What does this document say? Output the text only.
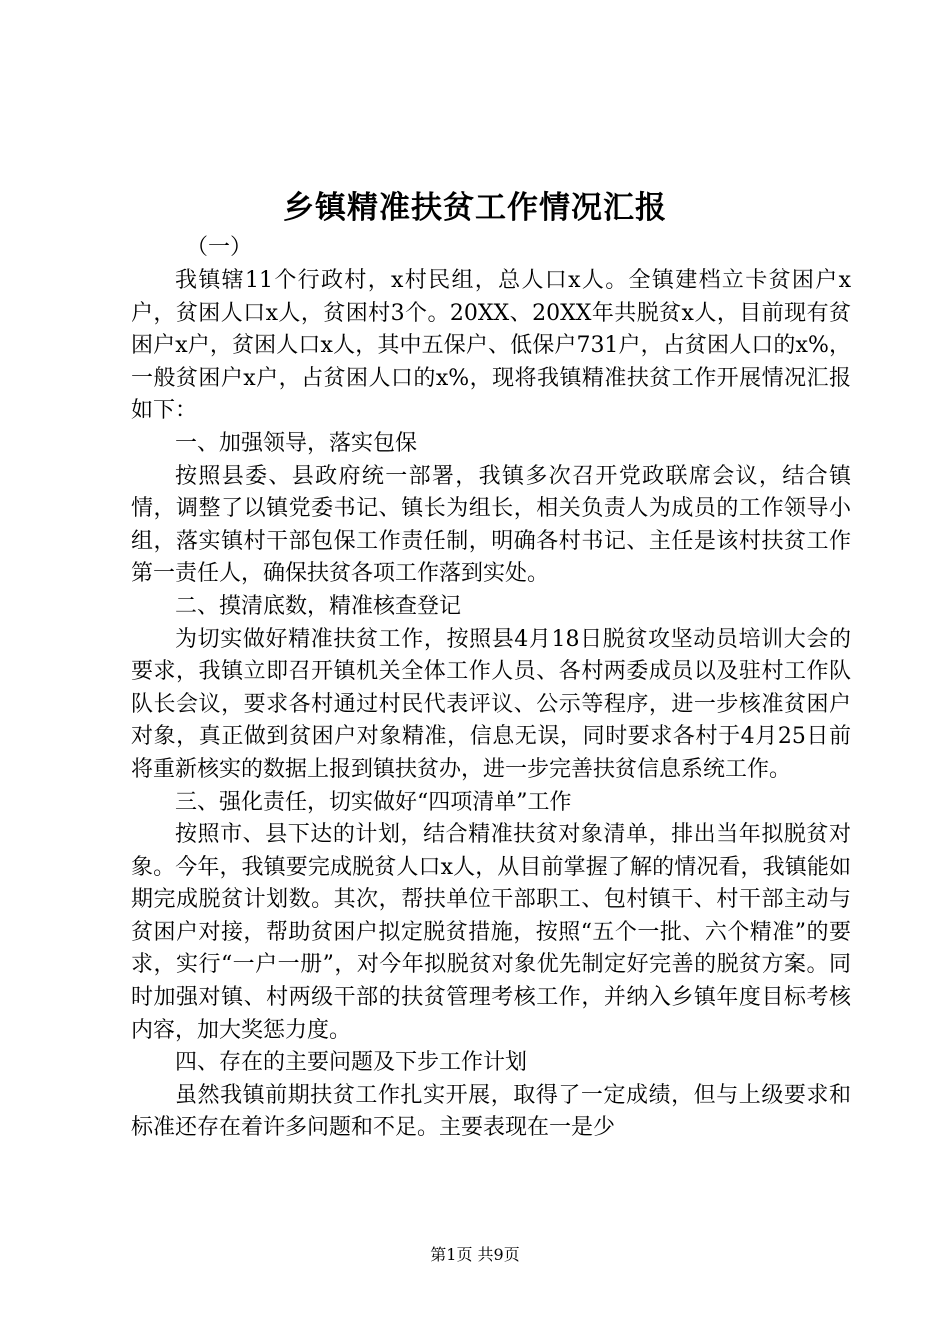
乡镇精准扶贫工作情况汇报
（一）

我镇辖11个行政村，x村民组，总人口x人。全镇建档立卡贫困户x户，贫困人口x人，贫困村3个。20XX、20XX年共脱贫x人，目前现有贫困户x户，贫困人口x人，其中五保户、低保户731户，占贫困人口的x%，一般贫困户x户，占贫困人口的x%，现将我镇精准扶贫工作开展情况汇报如下：

一、加强领导，落实包保

按照县委、县政府统一部署，我镇多次召开党政联席会议，结合镇情，调整了以镇党委书记、镇长为组长，相关负责人为成员的工作领导小组，落实镇村干部包保工作责任制，明确各村书记、主任是该村扶贫工作第一责任人，确保扶贫各项工作落到实处。

二、摸清底数，精准核查登记

为切实做好精准扶贫工作，按照县4月18日脱贫攻坚动员培训大会的要求，我镇立即召开镇机关全体工作人员、各村两委成员以及驻村工作队队长会议，要求各村通过村民代表评议、公示等程序，进一步核准贫困户对象，真正做到贫困户对象精准，信息无误，同时要求各村于4月25日前将重新核实的数据上报到镇扶贫办，进一步完善扶贫信息系统工作。

三、强化责任，切实做好“四项清单”工作

按照市、县下达的计划，结合精准扶贫对象清单，排出当年拟脱贫对象。今年，我镇要完成脱贫人口x人，从目前掌握了解的情况看，我镇能如期完成脱贫计划数。其次，帮扶单位干部职工、包村镇干、村干部主动与贫困户对接，帮助贫困户拟定脱贫措施，按照“五个一批、六个精准”的要求，实行“一户一册”，对今年拟脱贫对象优先制定好完善的脱贫方案。同时加强对镇、村两级干部的扶贫管理考核工作，并纳入乡镇年度目标考核内容，加大奖惩力度。

四、存在的主要问题及下步工作计划

虽然我镇前期扶贫工作扎实开展，取得了一定成绩，但与上级要求和标准还存在着许多问题和不足。主要表现在一是少

第1页 共9页
